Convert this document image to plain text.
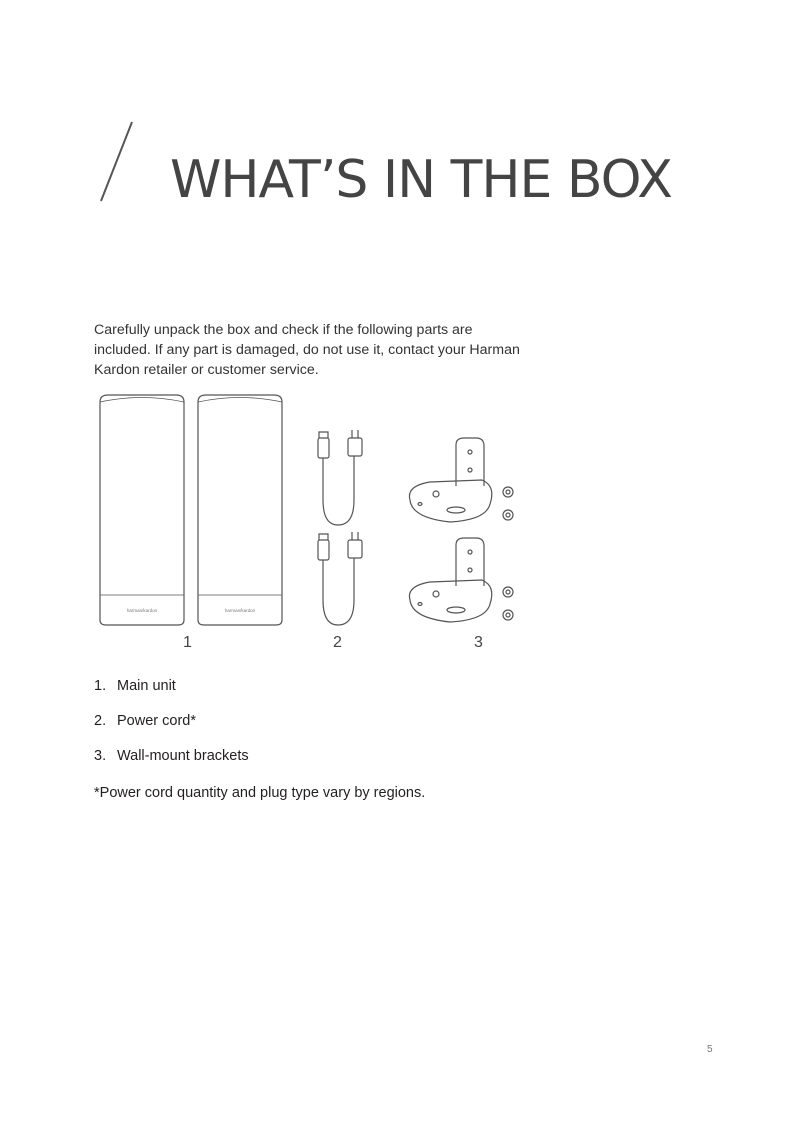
WHAT’S IN THE BOX

Carefully unpack the box and check if the following parts are included. If any part is damaged, do not use it, contact your Harman Kardon retailer or customer service.

harman/kardon	harman/kardon
1	2	3
1. Main unit
2. Power cord*
3. Wall-mount brackets

*Power cord quantity and plug type vary by regions.

5
